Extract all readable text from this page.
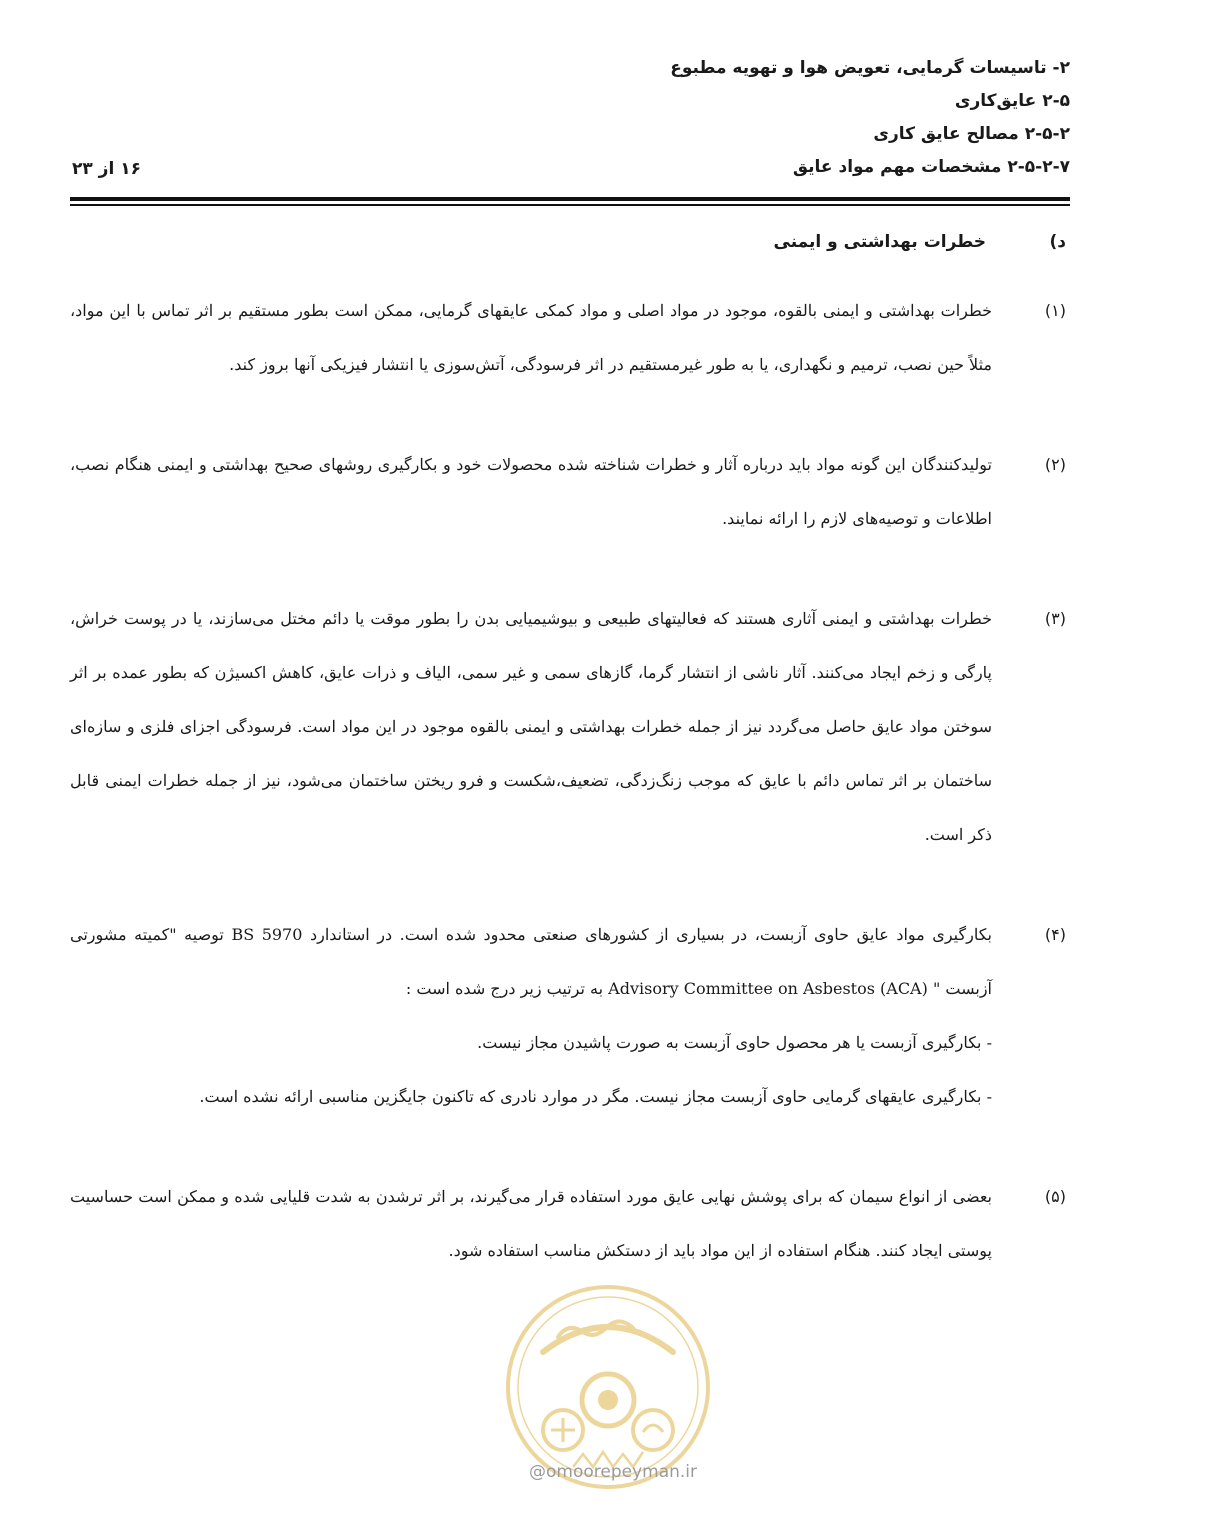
۲- تاسیسات گرمایی، تعویض هوا و تهویه مطبوع
۲-۵ عایق‌کاری
۲-۵-۲ مصالح عایق کاری
۲-۵-۲-۷ مشخصات مهم مواد عایق
۱۶ از ۲۳
د)
خطرات بهداشتی و ایمنی
(۱)
خطرات بهداشتی و ایمنی بالقوه، موجود در مواد اصلی و مواد کمکی عایقهای گرمایی، ممکن است بطور مستقیم بر اثر تماس با این مواد، مثلاً حین نصب، ترمیم و نگهداری، یا به طور غیرمستقیم در اثر فرسودگی، آتش‌سوزی یا انتشار فیزیکی آنها بروز کند.
(۲)
تولیدکنندگان این گونه مواد باید درباره آثار و خطرات شناخته شده محصولات خود و بکارگیری روشهای صحیح بهداشتی و ایمنی هنگام نصب، اطلاعات و توصیه‌های لازم را ارائه نمایند.
(۳)
خطرات بهداشتی و ایمنی آثاری هستند که فعالیتهای طبیعی و بیوشیمیایی بدن را بطور موقت یا دائم مختل می‌سازند، یا در پوست خراش، پارگی و زخم ایجاد می‌کنند. آثار ناشی از انتشار گرما، گازهای سمی و غیر سمی، الیاف و ذرات عایق، کاهش اکسیژن که بطور عمده بر اثر سوختن مواد عایق حاصل می‌گردد نیز از جمله خطرات بهداشتی و ایمنی بالقوه موجود در این مواد است. فرسودگی اجزای فلزی و سازه‌ای ساختمان بر اثر تماس دائم با عایق که موجب زنگ‌زدگی، تضعیف،شکست و فرو ریختن ساختمان می‌شود، نیز از جمله خطرات ایمنی قابل ذکر است.
(۴)

بکارگیری مواد عایق حاوی آزبست، در بسیاری از کشورهای صنعتی محدود شده است. در استاندارد BS 5970 توصیه "کمیته مشورتی آزبست Advisory Committee on Asbestos (ACA) " به ترتیب زیر درج شده است :

- بکارگیری آزبست یا هر محصول حاوی آزبست به صورت پاشیدن مجاز نیست.

- بکارگیری عایقهای گرمایی حاوی آزبست مجاز نیست. مگر در موارد نادری که تاکنون جایگزین مناسبی ارائه نشده است.

(۵)
بعضی از انواع سیمان که برای پوشش نهایی عایق مورد استفاده قرار می‌گیرند، بر اثر ترشدن به شدت قلیایی شده و ممکن است حساسیت پوستی ایجاد کنند. هنگام استفاده از این مواد باید از دستکش مناسب استفاده شود.
@omoorepeyman.ir
